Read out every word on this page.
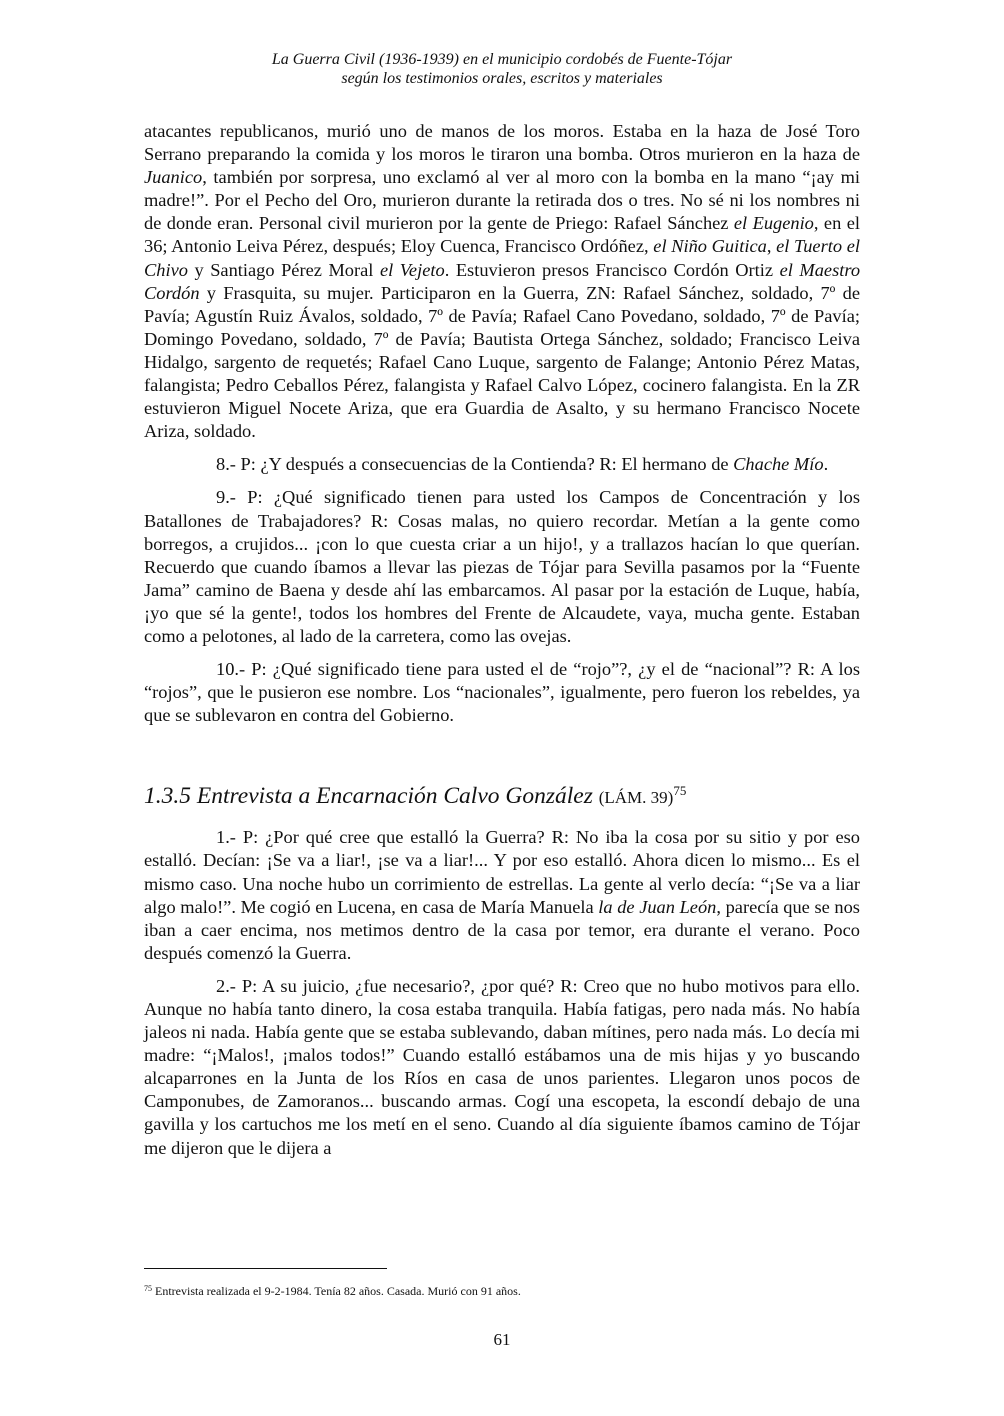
La Guerra Civil (1936-1939) en el municipio cordobés de Fuente-Tójar
según los testimonios orales, escritos y materiales

atacantes republicanos, murió uno de manos de los moros. Estaba en la haza de José Toro Serrano preparando la comida y los moros le tiraron una bomba. Otros murieron en la haza de Juanico, también por sorpresa, uno exclamó al ver al moro con la bomba en la mano “¡ay mi madre!”. Por el Pecho del Oro, murieron durante la retirada dos o tres. No sé ni los nombres ni de donde eran. Personal civil murieron por la gente de Priego: Rafael Sánchez el Eugenio, en el 36; Antonio Leiva Pérez, después; Eloy Cuenca, Francisco Ordóñez, el Niño Guitica, el Tuerto el Chivo y Santiago Pérez Moral el Vejeto. Estuvieron presos Francisco Cordón Ortiz el Maestro Cordón y Frasquita, su mujer. Participaron en la Guerra, ZN: Rafael Sánchez, soldado, 7º de Pavía; Agustín Ruiz Ávalos, soldado, 7º de Pavía; Rafael Cano Povedano, soldado, 7º de Pavía; Domingo Povedano, soldado, 7º de Pavía; Bautista Ortega Sánchez, soldado; Francisco Leiva Hidalgo, sargento de requetés; Rafael Cano Luque, sargento de Falange; Antonio Pérez Matas, falangista; Pedro Ceballos Pérez, falangista y Rafael Calvo López, cocinero falangista. En la ZR estuvieron Miguel Nocete Ariza, que era Guardia de Asalto, y su hermano Francisco Nocete Ariza, soldado.

8.- P: ¿Y después a consecuencias de la Contienda? R: El hermano de Chache Mío.

9.- P: ¿Qué significado tienen para usted los Campos de Concentración y los Batallones de Trabajadores? R: Cosas malas, no quiero recordar. Metían a la gente como borregos, a crujidos... ¡con lo que cuesta criar a un hijo!, y a trallazos hacían lo que querían. Recuerdo que cuando íbamos a llevar las piezas de Tójar para Sevilla pasamos por la “Fuente Jama” camino de Baena y desde ahí las embarcamos. Al pasar por la estación de Luque, había, ¡yo que sé la gente!, todos los hombres del Frente de Alcaudete, vaya, mucha gente. Estaban como a pelotones, al lado de la carretera, como las ovejas.

10.- P: ¿Qué significado tiene para usted el de “rojo”?, ¿y el de “nacional”? R: A los “rojos”, que le pusieron ese nombre. Los “nacionales”, igualmente, pero fueron los rebeldes, ya que se sublevaron en contra del Gobierno.

1.3.5 Entrevista a Encarnación Calvo González (LÁM. 39)$^{75}$

1.- P: ¿Por qué cree que estalló la Guerra? R: No iba la cosa por su sitio y por eso estalló. Decían: ¡Se va a liar!, ¡se va a liar!... Y por eso estalló. Ahora dicen lo mismo... Es el mismo caso. Una noche hubo un corrimiento de estrellas. La gente al verlo decía: “¡Se va a liar algo malo!”. Me cogió en Lucena, en casa de María Manuela la de Juan León, parecía que se nos iban a caer encima, nos metimos dentro de la casa por temor, era durante el verano. Poco después comenzó la Guerra.

2.- P: A su juicio, ¿fue necesario?, ¿por qué? R: Creo que no hubo motivos para ello. Aunque no había tanto dinero, la cosa estaba tranquila. Había fatigas, pero nada más. No había jaleos ni nada. Había gente que se estaba sublevando, daban mítines, pero nada más. Lo decía mi madre: “¡Malos!, ¡malos todos!” Cuando estalló estábamos una de mis hijas y yo buscando alcaparrones en la Junta de los Ríos en casa de unos parientes. Llegaron unos pocos de Camponubes, de Zamoranos... buscando armas. Cogí una escopeta, la escondí debajo de una gavilla y los cartuchos me los metí en el seno. Cuando al día siguiente íbamos camino de Tójar me dijeron que le dijera a

$^{75}$ Entrevista realizada el 9-2-1984. Tenía 82 años. Casada. Murió con 91 años.
61
